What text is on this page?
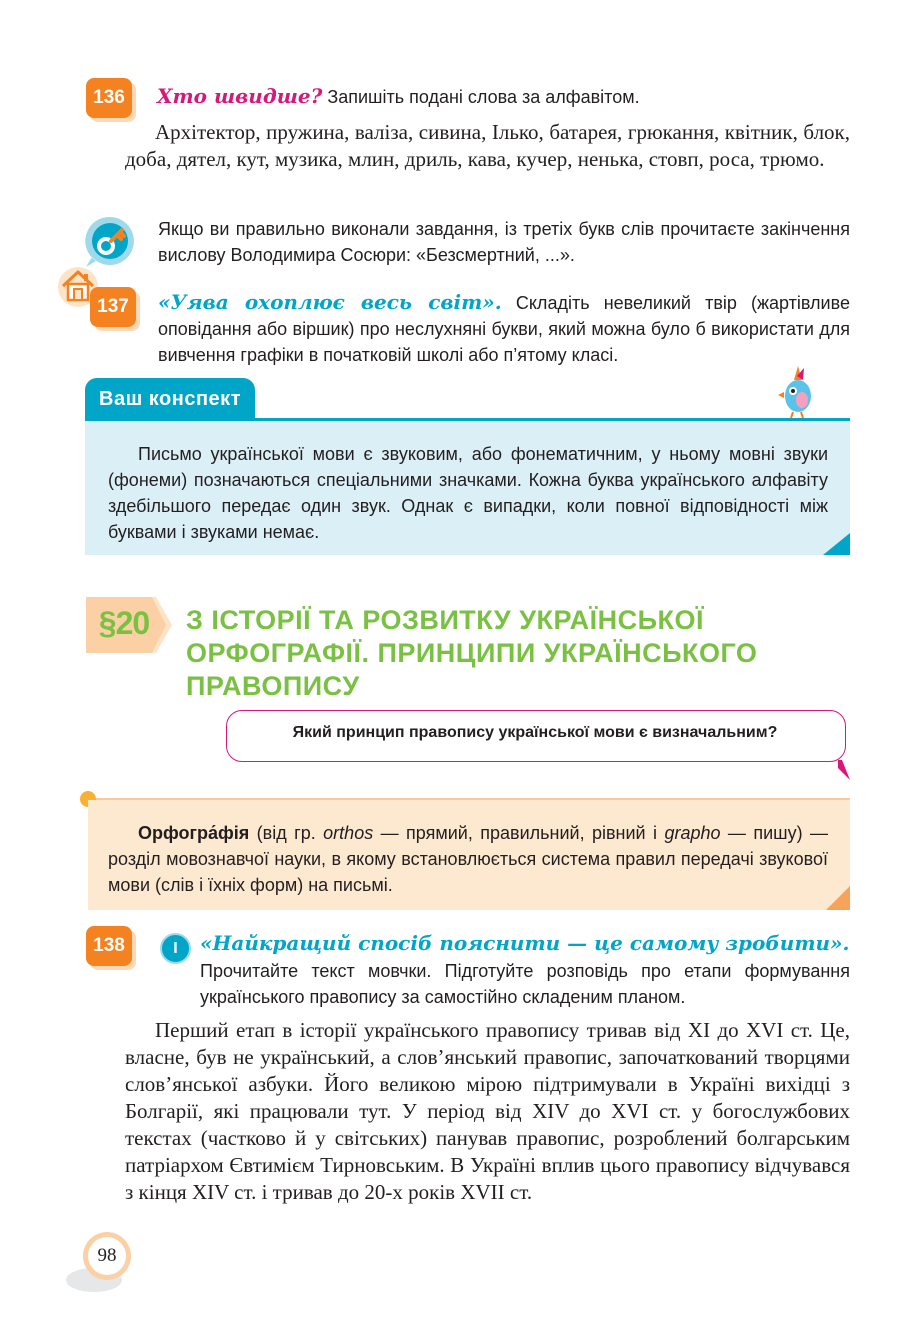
136	Хто швидше? Запишіть подані слова за алфавітом.
Архітектор, пружина, валіза, сивина, Ілько, батарея, грюкання, квітник, блок, доба, дятел, кут, музика, млин, дриль, кава, кучер, ненька, стовп, роса, трюмо.
Якщо ви правильно виконали завдання, із третіх букв слів прочитаєте закінчення вислову Володимира Сосюри: «Безсмертний, ...».
137	«Уява охоплює весь світ». Складіть невеликий твір (жартівливе оповідання або віршик) про неслухняні букви, який можна було б використати для вивчення графіки в початковій школі або п’ятому класі.
Ваш конспект
Письмо української мови є звуковим, або фонематичним, у ньому мовні звуки (фонеми) позначаються спеціальними значками. Кожна буква українського алфавіту здебільшого передає один звук. Однак є випадки, коли повної відповідності між буквами і звуками немає.
§20	З ІСТОРІЇ ТА РОЗВИТКУ УКРАЇНСЬКОЇ
ОРФОГРАФІЇ. ПРИНЦИПИ УКРАЇНСЬКОГО
ПРАВОПИСУ
Який принцип правопису української мови є визначальним?
Орфогра́фія (від гр. orthos — прямий, правильний, рівний і grapho — пишу) — розділ мовознавчої науки, в якому встановлюється система правил передачі звукової мови (слів і їхніх форм) на письмі.
138	I	«Найкращий спосіб пояснити — це самому зробити».
Прочитайте текст мовчки. Підготуйте розповідь про етапи формування українського правопису за самостійно складеним планом.
Перший етап в історії українського правопису тривав від XI до XVI ст. Це, власне, був не український, а слов’янський правопис, започаткований творцями слов’янської азбуки. Його великою мірою підтримували в Україні вихідці з Болгарії, які працювали тут. У період від XIV до XVI ст. у богослужбових текстах (частково й у світських) панував правопис, розроблений болгарським патріархом Євтимієм Тирновським. В Україні вплив цього правопису відчувався з кінця XIV ст. і тривав до 20-х років XVII ст.
98
